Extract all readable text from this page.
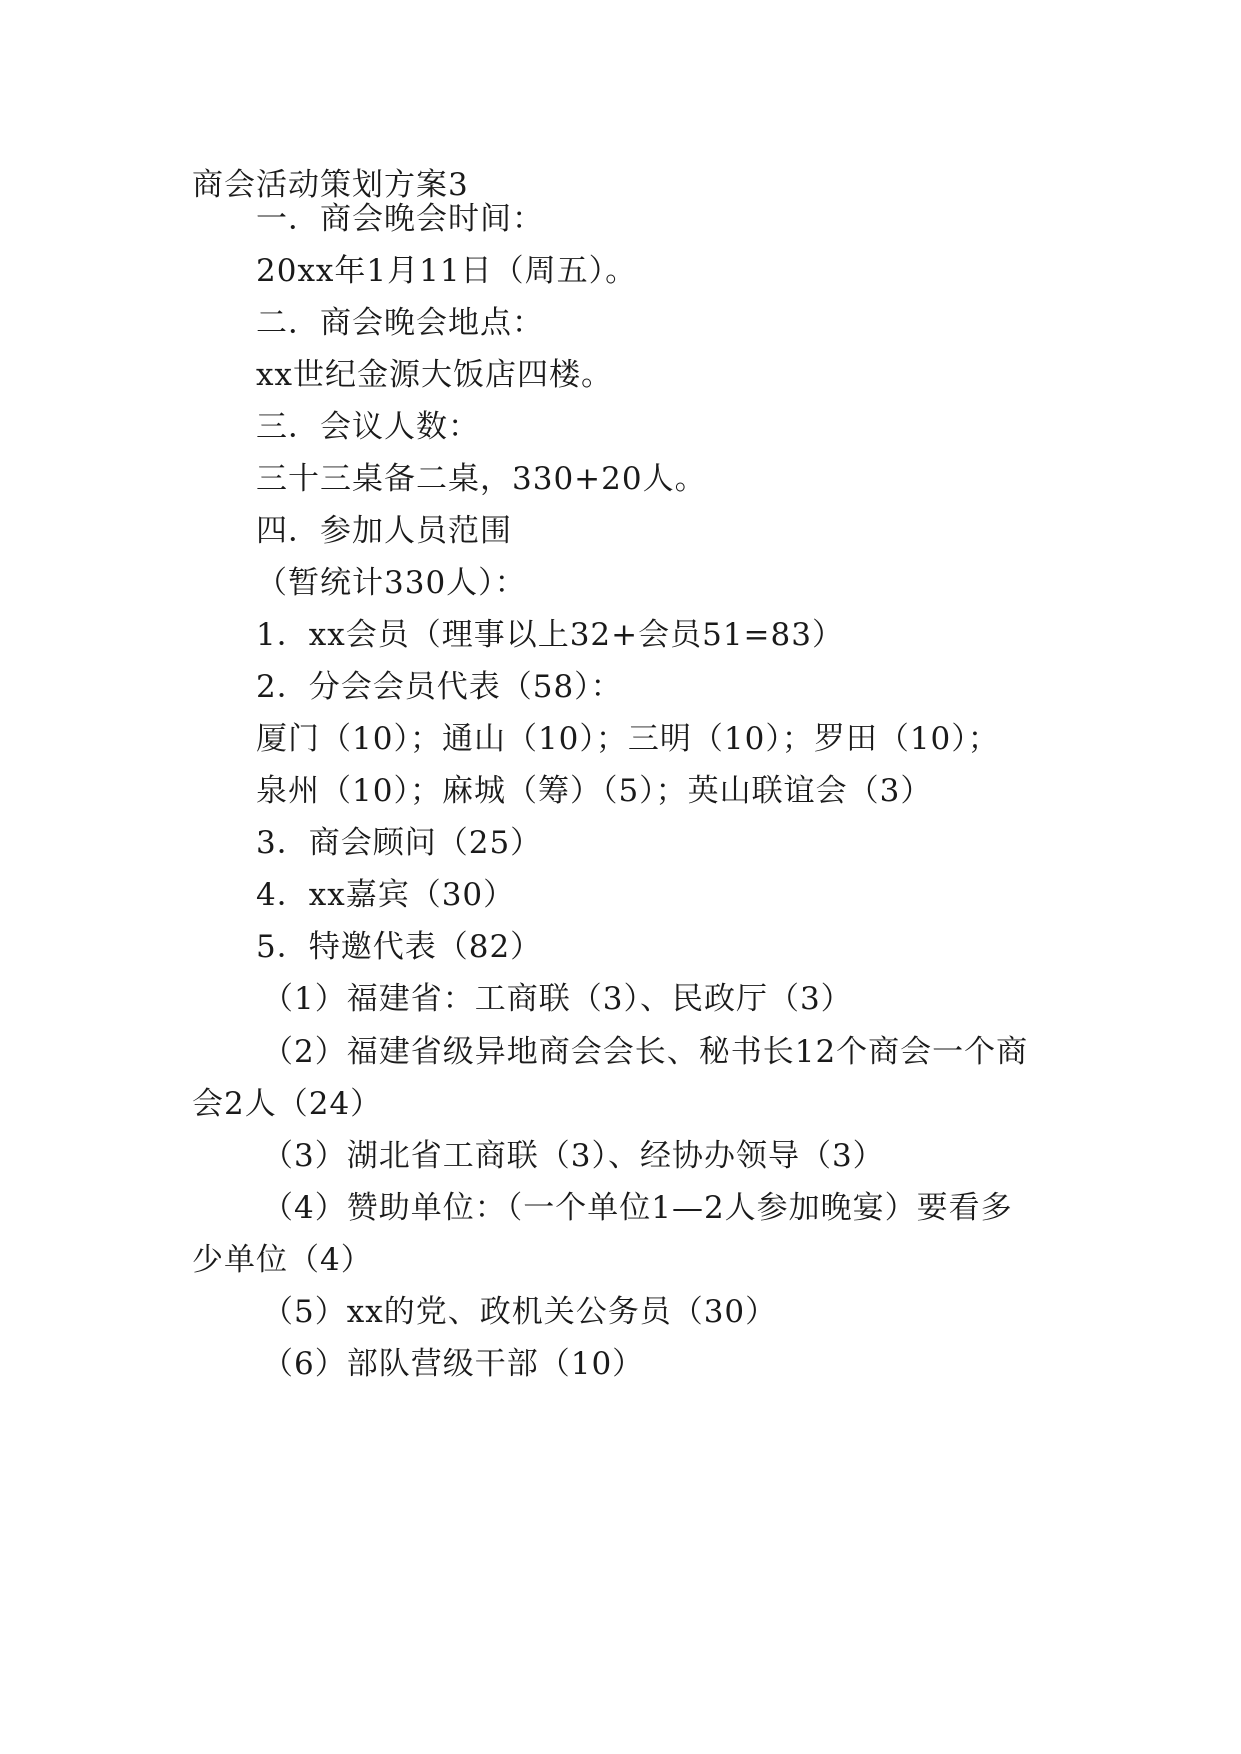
商会活动策划方案3
一．商会晚会时间：
20xx年1月11日（周五）。
二．商会晚会地点：
xx世纪金源大饭店四楼。
三．会议人数：
三十三桌备二桌，330+20人。
四．参加人员范围
（暂统计330人）：
1．xx会员（理事以上32+会员51=83）
2．分会会员代表（58）：
厦门（10）；通山（10）；三明（10）；罗田（10）；
泉州（10）；麻城（筹）（5）；英山联谊会（3）
3．商会顾问（25）
4．xx嘉宾（30）
5．特邀代表（82）
（1）福建省：工商联（3）、民政厅（3）
（2）福建省级异地商会会长、秘书长12个商会一个商
会2人（24）
（3）湖北省工商联（3）、经协办领导（3）
（4）赞助单位：（一个单位1—2人参加晚宴）要看多
少单位（4）
（5）xx的党、政机关公务员（30）
（6）部队营级干部（10）
